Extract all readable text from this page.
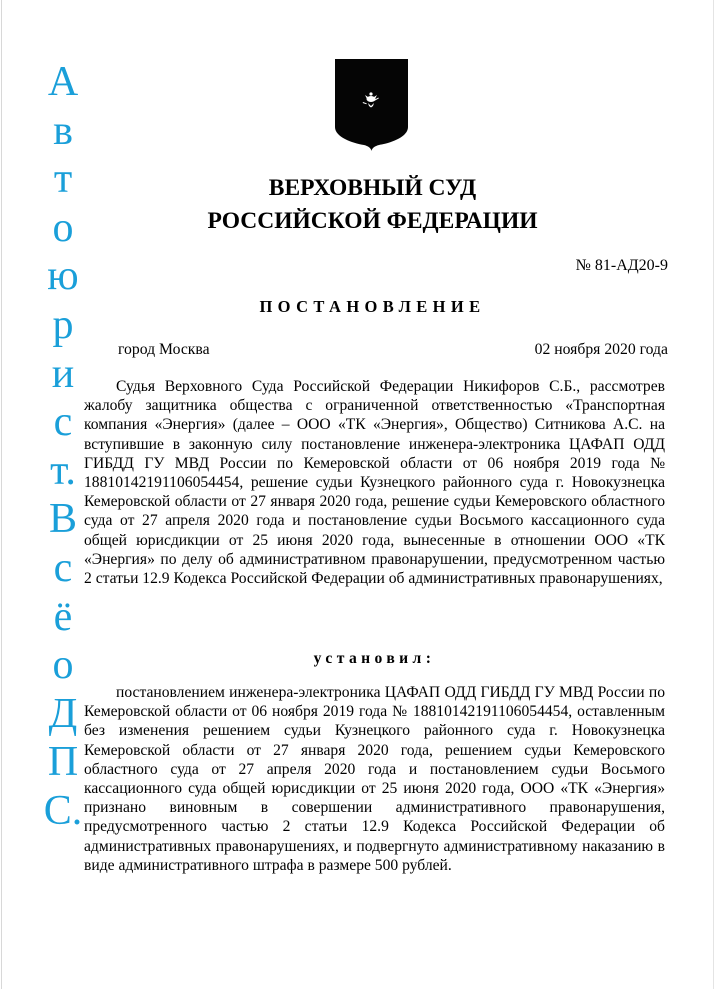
А
в
т
о
ю
р
и
с
т.
В
с
ё
о
Д
П
С.
ВЕРХОВНЫЙ СУД
РОССИЙСКОЙ ФЕДЕРАЦИИ
№ 81-АД20-9
ПОСТАНОВЛЕНИЕ
город Москва	02 ноября 2020 года

Судья Верховного Суда Российской Федерации Никифоров С.Б., рассмотрев жалобу защитника общества с ограниченной ответственностью «Транспортная компания «Энергия» (далее – ООО «ТК «Энергия», Общество) Ситникова А.С. на вступившие в законную силу постановление инженера-электроника ЦАФАП ОДД ГИБДД ГУ МВД России по Кемеровской области от 06 ноября 2019 года № 18810142191106054454, решение судьи Кузнецкого районного суда г. Новокузнецка Кемеровской области от 27 января 2020 года, решение судьи Кемеровского областного суда от 27 апреля 2020 года и постановление судьи Восьмого кассационного суда общей юрисдикции от 25 июня 2020 года, вынесенные в отношении ООО «ТК «Энергия» по делу об административном правонарушении, предусмотренном частью 2 статьи 12.9 Кодекса Российской Федерации об административных правонарушениях,

установил:

постановлением инженера-электроника ЦАФАП ОДД ГИБДД ГУ МВД России по Кемеровской области от 06 ноября 2019 года № 18810142191106054454, оставленным без изменения решением судьи Кузнецкого районного суда г. Новокузнецка Кемеровской области от 27 января 2020 года, решением судьи Кемеровского областного суда от 27 апреля 2020 года и постановлением судьи Восьмого кассационного суда общей юрисдикции от 25 июня 2020 года, ООО «ТК «Энергия» признано виновным в совершении административного правонарушения, предусмотренного частью 2 статьи 12.9 Кодекса Российской Федерации об административных правонарушениях, и подвергнуто административному наказанию в виде административного штрафа в размере 500 рублей.
